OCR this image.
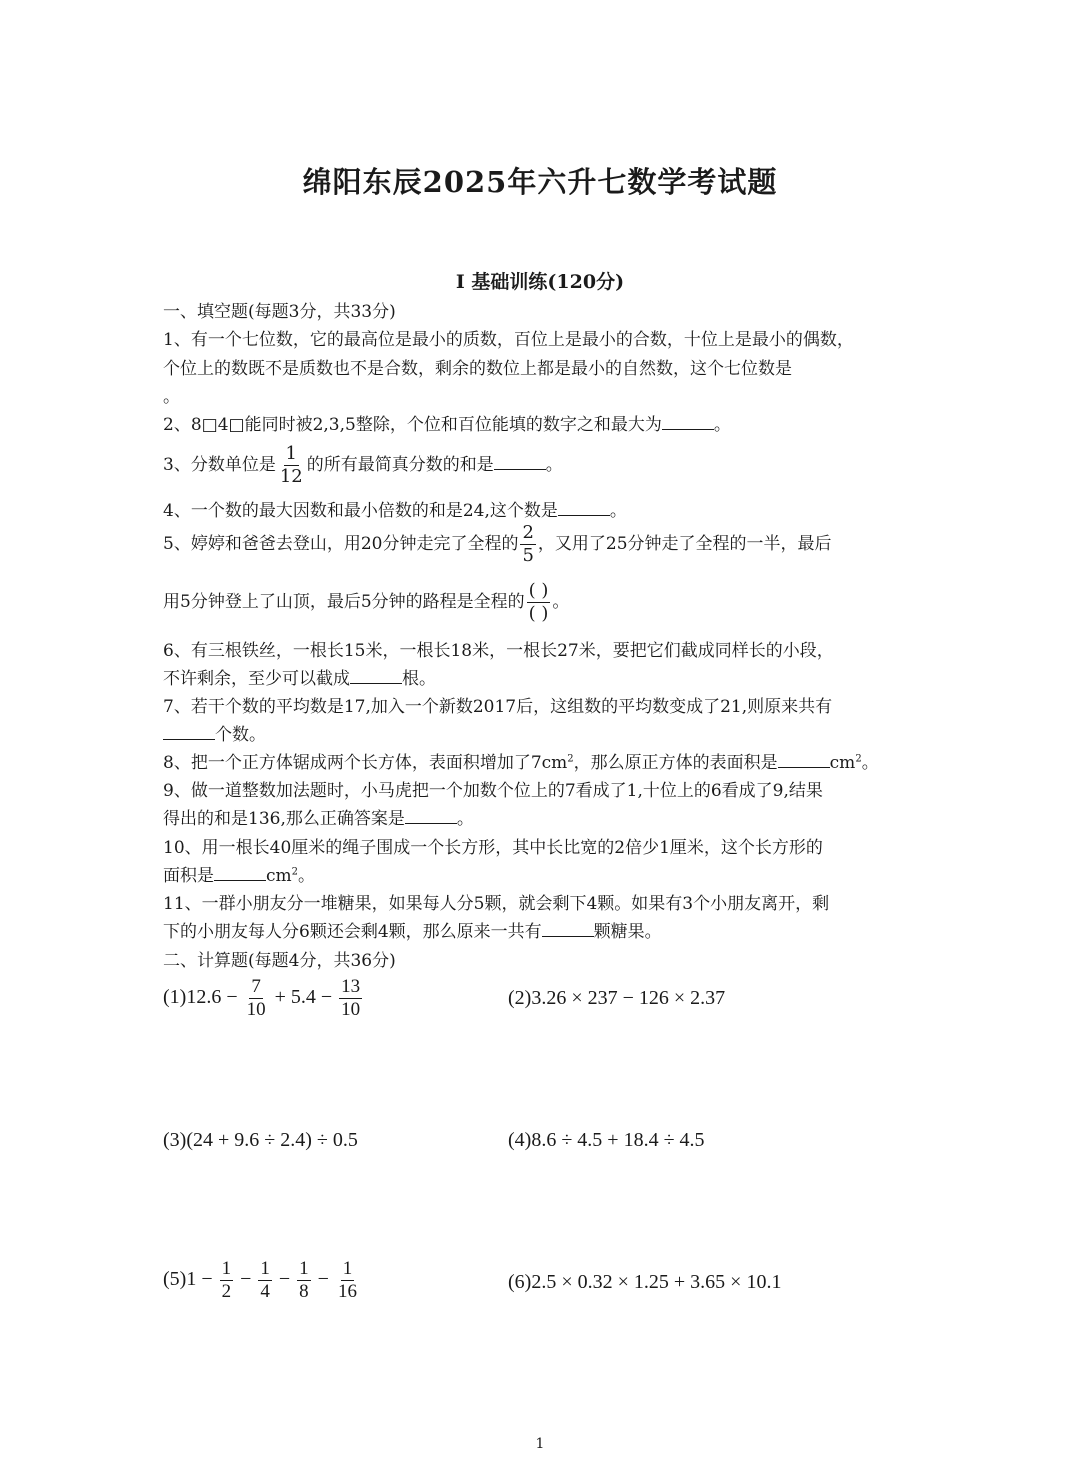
绵阳东辰2025年六升七数学考试题
I 基础训练(120分)
一、填空题(每题3分，共33分)
1、有一个七位数，它的最高位是最小的质数，百位上是最小的合数，十位上是最小的偶数，
个位上的数既不是质数也不是合数，剩余的数位上都是最小的自然数，这个七位数是
。
2、8□4□能同时被2,3,5整除，个位和百位能填的数字之和最大为	。
3、分数单位是 $\frac{1}{12}$ 的所有最简真分数的和是	。
4、一个数的最大因数和最小倍数的和是24,这个数是	。
5、婷婷和爸爸去登山，用20分钟走完了全程的 $\frac{2}{5}$ ，又用了25分钟走了全程的一半，最后
用5分钟登上了山顶，最后5分钟的路程是全程的 $\frac{( )}{( )}$ 。
6、有三根铁丝，一根长15米，一根长18米，一根长27米，要把它们截成同样长的小段，
不许剩余，至少可以截成	根。
7、若干个数的平均数是17,加入一个新数2017后，这组数的平均数变成了21,则原来共有
个数。
8、把一个正方体锯成两个长方体，表面积增加了$7cm^2$，那么原正方体的表面积是	$cm^2$。
9、做一道整数加法题时，小马虎把一个加数个位上的7看成了1,十位上的6看成了9,结果
得出的和是136,那么正确答案是	。
10、用一根长40厘米的绳子围成一个长方形，其中长比宽的2倍少1厘米，这个长方形的
面积是	$cm^2$。
11、一群小朋友分一堆糖果，如果每人分5颗，就会剩下4颗。如果有3个小朋友离开，剩
下的小朋友每人分6颗还会剩4颗，那么原来一共有	颗糖果。
二、计算题(每题4分，共36分)
$(1)12.6 - \frac{7}{10} + 5.4 - \frac{13}{10}$	(2)3.26 × 237 − 126 × 2.37
(3)(24 + 9.6 ÷ 2.4) ÷ 0.5	(4)8.6 ÷ 4.5 + 18.4 ÷ 4.5
$(5)1 - \frac{1}{2} - \frac{1}{4} - \frac{1}{8} - \frac{1}{16}$	(6)2.5 × 0.32 × 1.25 + 3.65 × 10.1
1
